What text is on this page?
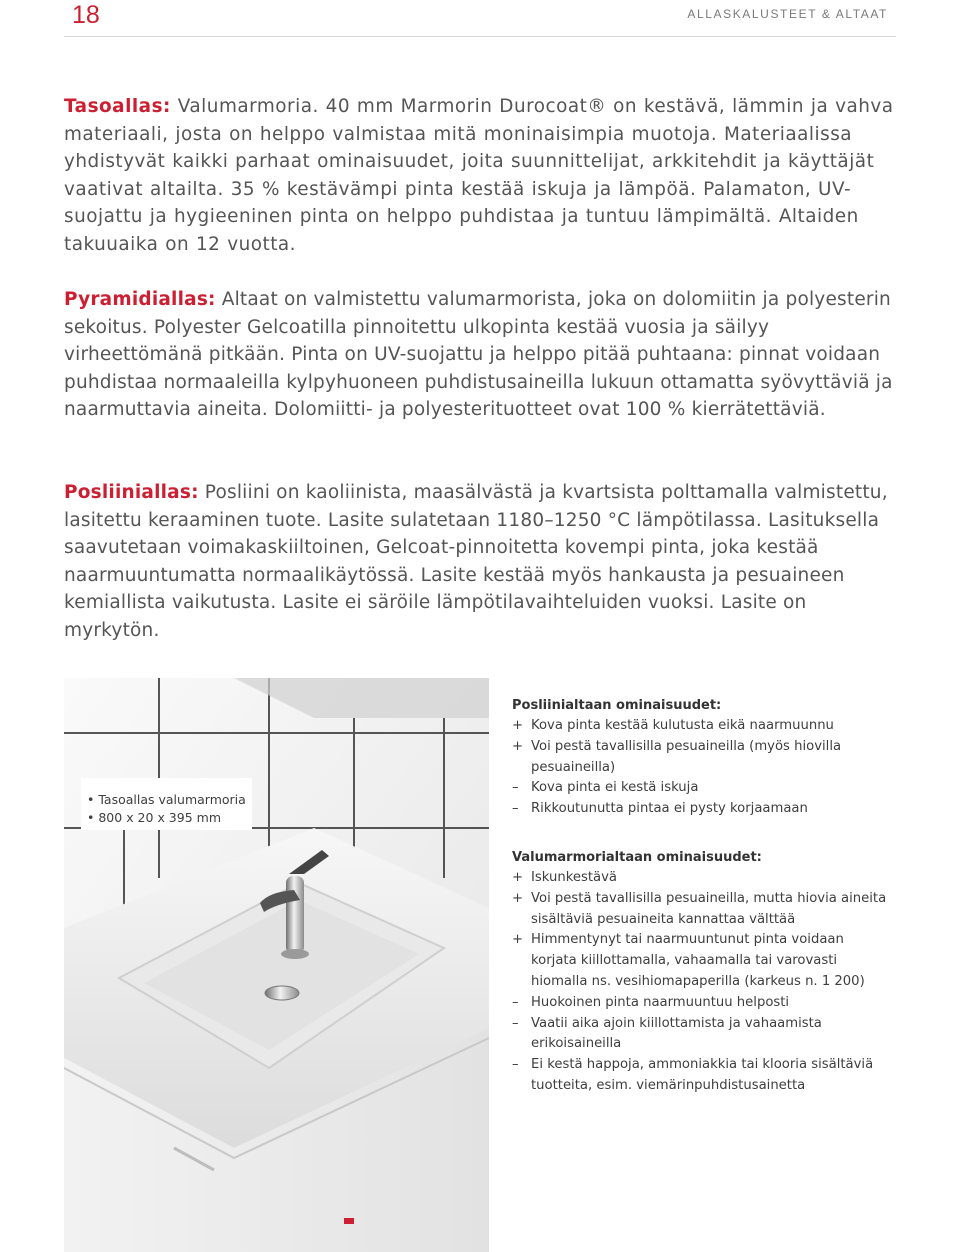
18	ALLASKALUSTEET & ALTAAT

Tasoallas: Valumarmoria. 40 mm Marmorin Durocoat® on kestävä, lämmin ja vahva materiaali, josta on helppo valmistaa mitä moninaisimpia muotoja. Materiaalissa yhdistyvät kaikki parhaat ominaisuudet, joita suunnittelijat, arkkitehdit ja käyttäjät vaativat altailta. 35 % kestävämpi pinta kestää iskuja ja lämpöä. Palamaton, UV-suojattu ja hygieeninen pinta on helppo puhdistaa ja tuntuu lämpimältä. Altaiden takuuaika on 12 vuotta.

Pyramidiallas: Altaat on valmistettu valumarmorista, joka on dolomiitin ja polyesterin sekoitus. Polyester Gelcoatilla pinnoitettu ulkopinta kestää vuosia ja säilyy virheettömänä pitkään. Pinta on UV-suojattu ja helppo pitää puhtaana: pinnat voidaan puhdistaa normaaleilla kylpyhuoneen puhdistusaineilla lukuun ottamatta syövyttäviä ja naarmuttavia aineita. Dolomiitti- ja polyesterituotteet ovat 100 % kierrätettäviä.

Posliiniallas: Posliini on kaoliinista, maasälvästä ja kvartsista polttamalla valmistettu, lasitettu keraaminen tuote. Lasite sulatetaan 1180–1250 °C lämpötilassa. Lasituksella saavutetaan voimakaskiiltoinen, Gelcoat-pinnoitetta kovempi pinta, joka kestää naarmuuntumatta normaalikäytössä. Lasite kestää myös hankausta ja pesuaineen kemiallista vaikutusta. Lasite ei säröile lämpötilavaihteluiden vuoksi. Lasite on myrkytön.

• Tasoallas valumarmoria
• 800 x 20 x 395 mm

Posliinialtaan ominaisuudet:

+ Kova pinta kestää kulutusta eikä naarmuunnu
+ Voi pestä tavallisilla pesuaineilla (myös hiovilla pesuaineilla)
– Kova pinta ei kestä iskuja
– Rikkoutunutta pintaa ei pysty korjaamaan

Valumarmorialtaan ominaisuudet:

+ Iskunkestävä
+ Voi pestä tavallisilla pesuaineilla, mutta hiovia aineita sisältäviä pesuaineita kannattaa välttää
+ Himmentynyt tai naarmuuntunut pinta voidaan korjata kiillottamalla, vahaamalla tai varovasti hiomalla ns. vesihiomapaperilla (karkeus n. 1 200)
– Huokoinen pinta naarmuuntuu helposti
– Vaatii aika ajoin kiillottamista ja vahaamista erikoisaineilla
– Ei kestä happoja, ammoniakkia tai klooria sisältäviä tuotteita, esim. viemärinpuhdistusainetta
